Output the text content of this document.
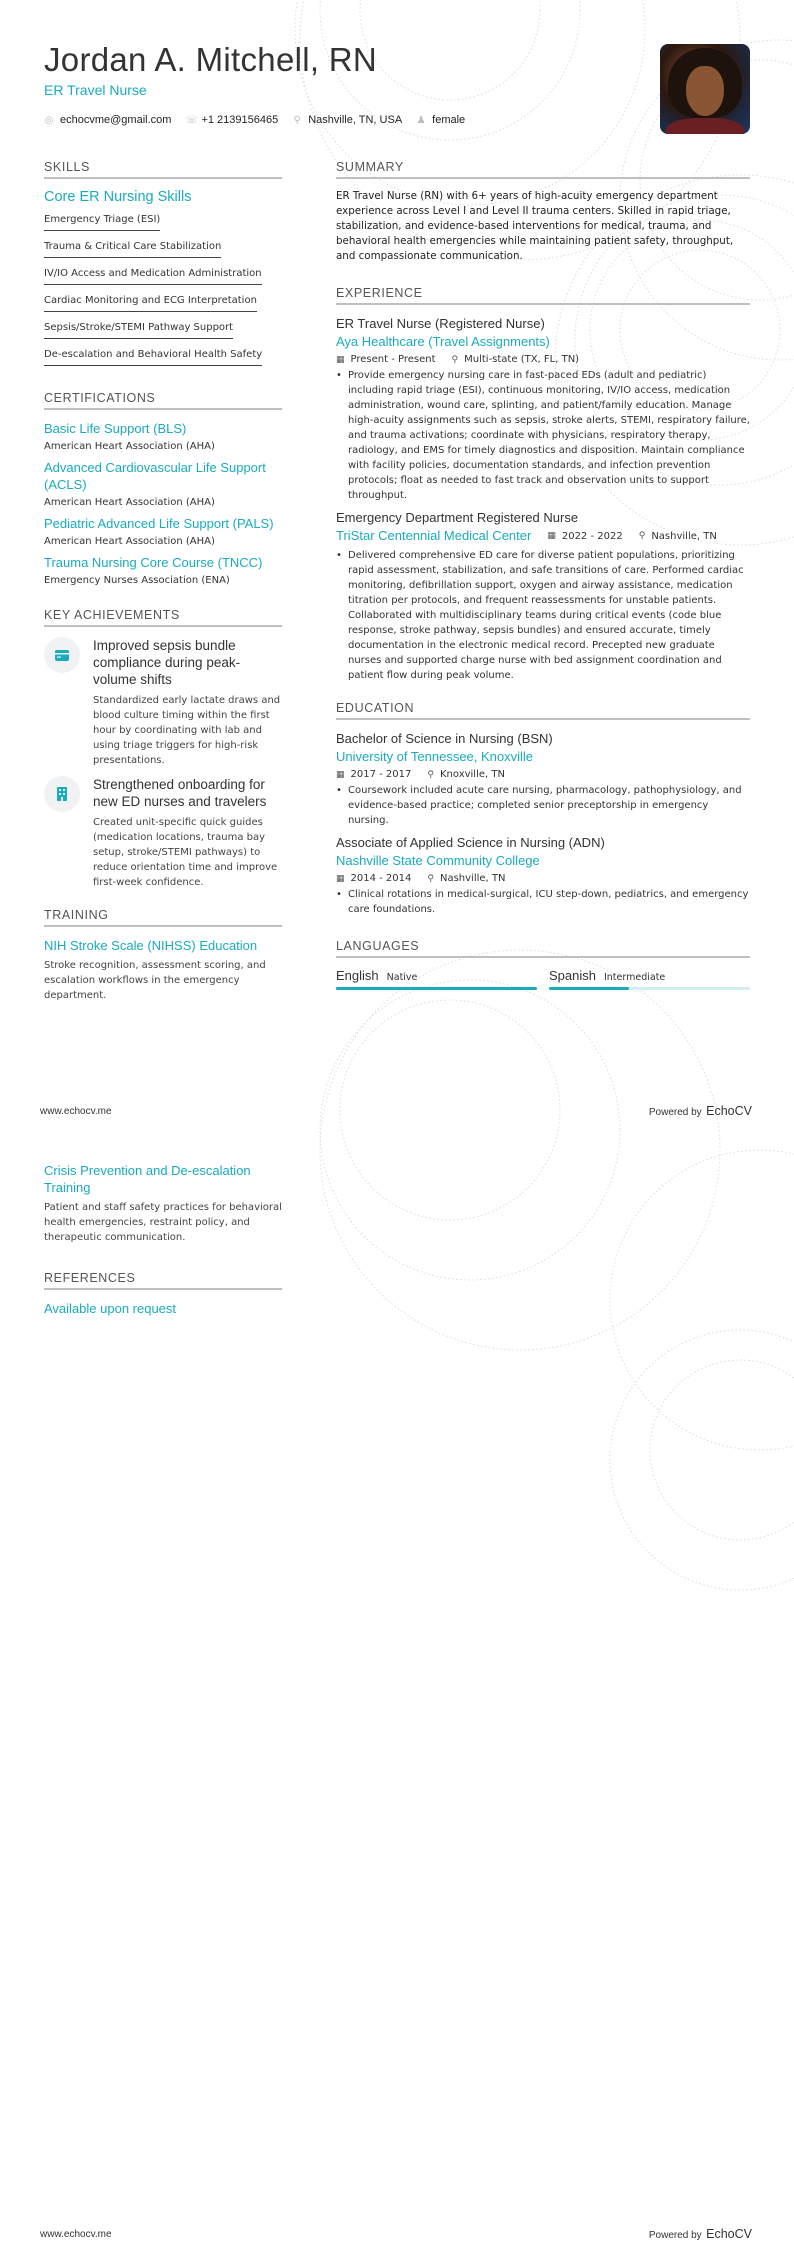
Jordan A. Mitchell, RN
ER Travel Nurse
◎ echocvme@gmail.com ☏ +1 2139156465 ⚲ Nashville, TN, USA ♟ female
SKILLS
Core ER Nursing Skills
Emergency Triage (ESI)
Trauma & Critical Care Stabilization
IV/IO Access and Medication Administration
Cardiac Monitoring and ECG Interpretation
Sepsis/Stroke/STEMI Pathway Support
De-escalation and Behavioral Health Safety
CERTIFICATIONS
Basic Life Support (BLS)
American Heart Association (AHA)
Advanced Cardiovascular Life Support (ACLS)
American Heart Association (AHA)
Pediatric Advanced Life Support (PALS)
American Heart Association (AHA)
Trauma Nursing Core Course (TNCC)
Emergency Nurses Association (ENA)
KEY ACHIEVEMENTS
Improved sepsis bundle compliance during peak-volume shifts
Standardized early lactate draws and blood culture timing within the first hour by coordinating with lab and using triage triggers for high-risk presentations.
Strengthened onboarding for new ED nurses and travelers
Created unit-specific quick guides (medication locations, trauma bay setup, stroke/STEMI pathways) to reduce orientation time and improve first-week confidence.
TRAINING
NIH Stroke Scale (NIHSS) Education
Stroke recognition, assessment scoring, and escalation workflows in the emergency department.
SUMMARY
ER Travel Nurse (RN) with 6+ years of high-acuity emergency department experience across Level I and Level II trauma centers. Skilled in rapid triage, stabilization, and evidence-based interventions for medical, trauma, and behavioral health emergencies while maintaining patient safety, throughput, and compassionate communication.
EXPERIENCE
ER Travel Nurse (Registered Nurse)
Aya Healthcare (Travel Assignments)
▦ Present - Present ⚲ Multi-state (TX, FL, TN)
• Provide emergency nursing care in fast-paced EDs (adult and pediatric) including rapid triage (ESI), continuous monitoring, IV/IO access, medication administration, wound care, splinting, and patient/family education. Manage high-acuity assignments such as sepsis, stroke alerts, STEMI, respiratory failure, and trauma activations; coordinate with physicians, respiratory therapy, radiology, and EMS for timely diagnostics and disposition. Maintain compliance with facility policies, documentation standards, and infection prevention protocols; float as needed to fast track and observation units to support throughput.
Emergency Department Registered Nurse
TriStar Centennial Medical Center ▦ 2022 - 2022 ⚲ Nashville, TN
• Delivered comprehensive ED care for diverse patient populations, prioritizing rapid assessment, stabilization, and safe transitions of care. Performed cardiac monitoring, defibrillation support, oxygen and airway assistance, medication titration per protocols, and frequent reassessments for unstable patients. Collaborated with multidisciplinary teams during critical events (code blue response, stroke pathway, sepsis bundles) and ensured accurate, timely documentation in the electronic medical record. Precepted new graduate nurses and supported charge nurse with bed assignment coordination and patient flow during peak volume.
EDUCATION
Bachelor of Science in Nursing (BSN)
University of Tennessee, Knoxville
▦ 2017 - 2017 ⚲ Knoxville, TN
• Coursework included acute care nursing, pharmacology, pathophysiology, and evidence-based practice; completed senior preceptorship in emergency nursing.
Associate of Applied Science in Nursing (ADN)
Nashville State Community College
▦ 2014 - 2014 ⚲ Nashville, TN
• Clinical rotations in medical-surgical, ICU step-down, pediatrics, and emergency care foundations.
LANGUAGES
English Native	Spanish Intermediate
www.echocv.me	Powered by EchoCV
Crisis Prevention and De-escalation Training
Patient and staff safety practices for behavioral health emergencies, restraint policy, and therapeutic communication.
REFERENCES
Available upon request
www.echocv.me	Powered by EchoCV
